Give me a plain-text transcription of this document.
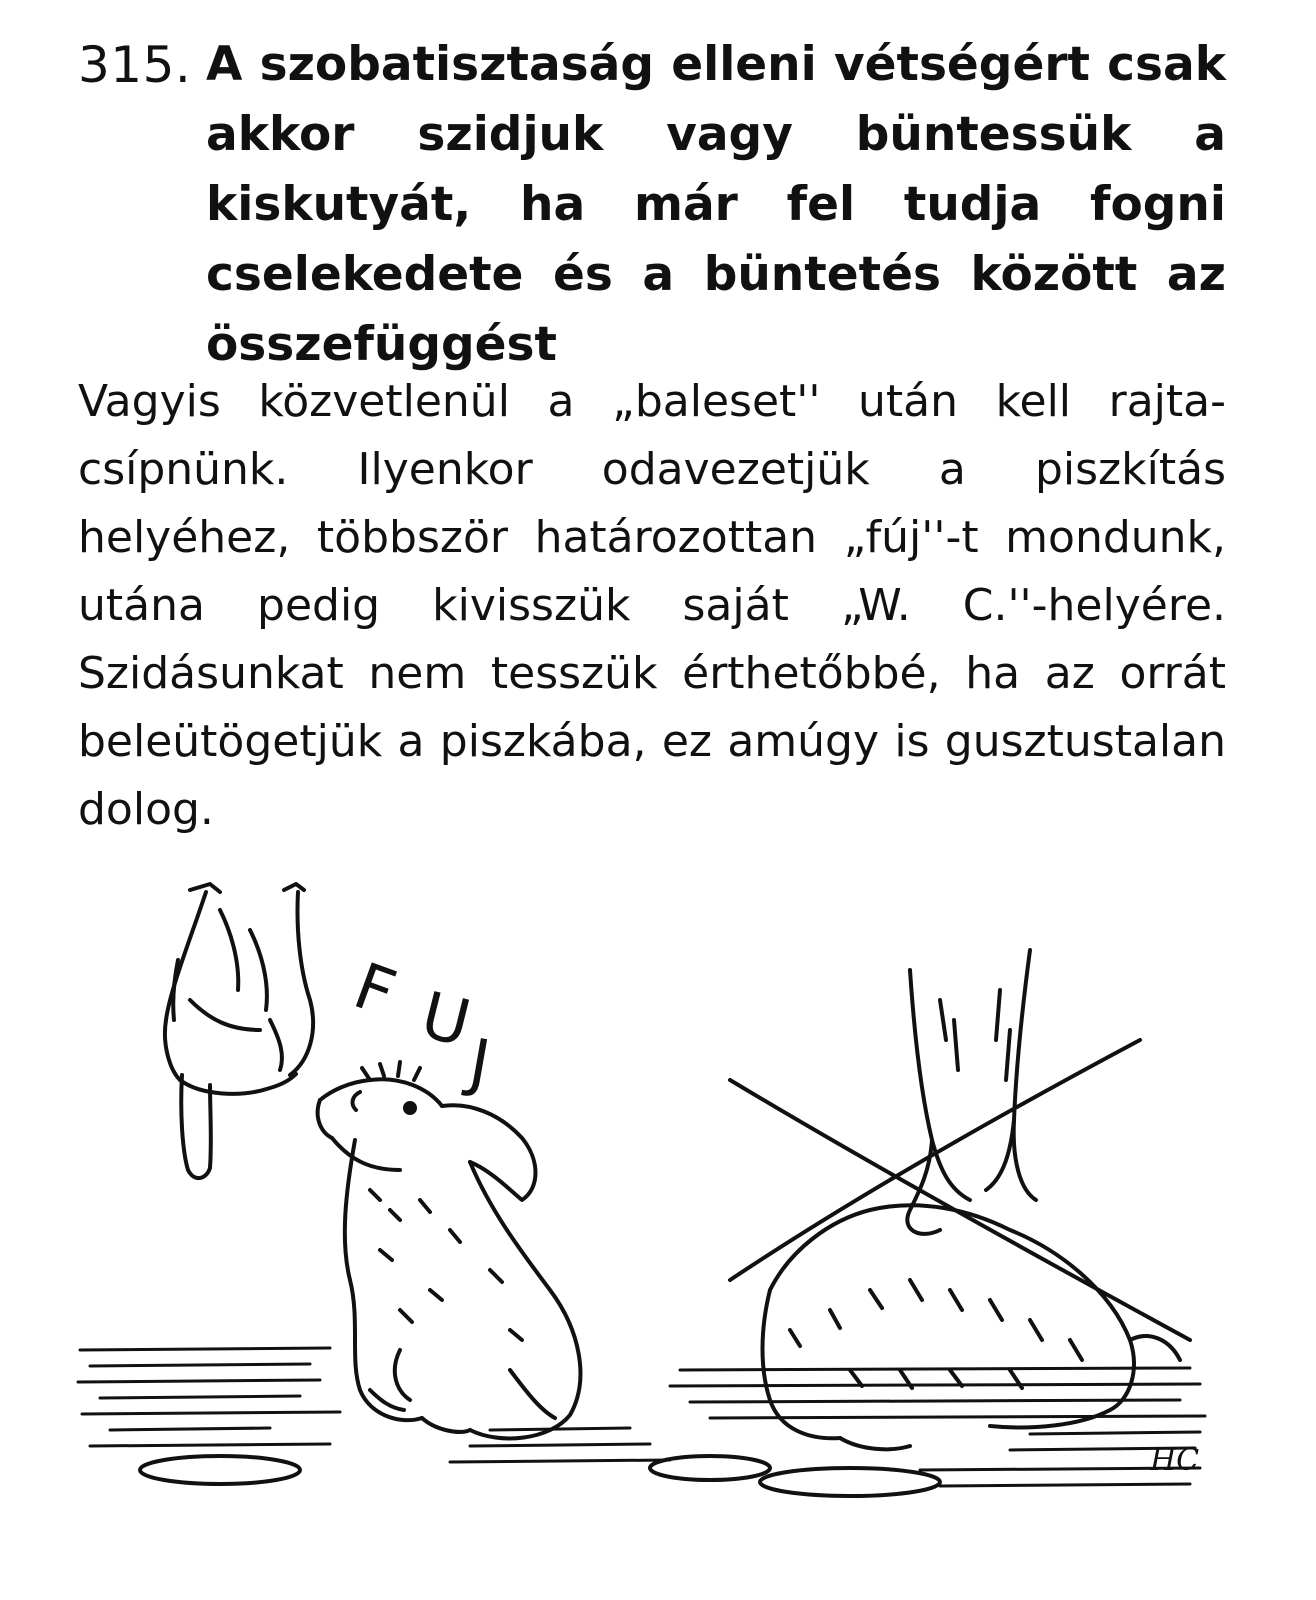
315. A szobatisztaság elleni vétségért csak akkor szidjuk vagy büntessük a kiskutyát, ha már fel tudja fogni cselekedete és a büntetés között az összefüggést
Vagyis közvetlenül a „baleset'' után kell rajtacsípnünk. Ilyenkor odavezetjük a piszkítás helyéhez, többször határozottan „fúj''-t mondunk, utána pedig kivisszük saját „W. C.''-helyére. Szidásunkat nem tesszük érthetőbbé, ha az orrát beleütögetjük a piszkába, ez amúgy is gusztustalan dolog.
F U
J
HC
